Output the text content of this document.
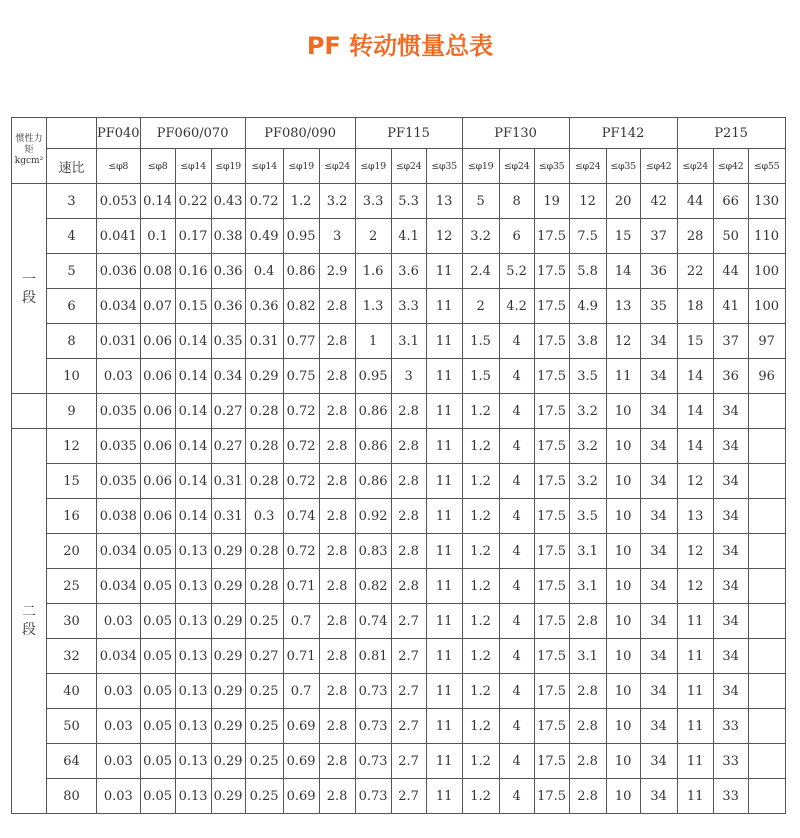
PF 转动惯量总表
惯性力
矩
kgcm²		PF040	PF060/070			PF080/090			PF115			PF130			PF142			P215		
	速比	≤φ8	≤φ8	≤φ14	≤φ19	≤φ14	≤φ19	≤φ24	≤φ19	≤φ24	≤φ35	≤φ19	≤φ24	≤φ35	≤φ24	≤φ35	≤φ42	≤φ24	≤φ42	≤φ55

一
段	3	0.053	0.14	0.22	0.43	0.72	1.2	3.2	3.3	5.3	13	5	8	19	12	20	42	44	66	130
	4	0.041	0.1	0.17	0.38	0.49	0.95	3	2	4.1	12	3.2	6	17.5	7.5	15	37	28	50	110
	5	0.036	0.08	0.16	0.36	0.4	0.86	2.9	1.6	3.6	11	2.4	5.2	17.5	5.8	14	36	22	44	100
	6	0.034	0.07	0.15	0.36	0.36	0.82	2.8	1.3	3.3	11	2	4.2	17.5	4.9	13	35	18	41	100
	8	0.031	0.06	0.14	0.35	0.31	0.77	2.8	1	3.1	11	1.5	4	17.5	3.8	12	34	15	37	97
	10	0.03	0.06	0.14	0.34	0.29	0.75	2.8	0.95	3	11	1.5	4	17.5	3.5	11	34	14	36	96
	9	0.035	0.06	0.14	0.27	0.28	0.72	2.8	0.86	2.8	11	1.2	4	17.5	3.2	10	34	14	34	

二
段	12	0.035	0.06	0.14	0.27	0.28	0.72	2.8	0.86	2.8	11	1.2	4	17.5	3.2	10	34	14	34	
	15	0.035	0.06	0.14	0.31	0.28	0.72	2.8	0.86	2.8	11	1.2	4	17.5	3.2	10	34	12	34	
	16	0.038	0.06	0.14	0.31	0.3	0.74	2.8	0.92	2.8	11	1.2	4	17.5	3.5	10	34	13	34	
	20	0.034	0.05	0.13	0.29	0.28	0.72	2.8	0.83	2.8	11	1.2	4	17.5	3.1	10	34	12	34	
	25	0.034	0.05	0.13	0.29	0.28	0.71	2.8	0.82	2.8	11	1.2	4	17.5	3.1	10	34	12	34	
	30	0.03	0.05	0.13	0.29	0.25	0.7	2.8	0.74	2.7	11	1.2	4	17.5	2.8	10	34	11	34	
	32	0.034	0.05	0.13	0.29	0.27	0.71	2.8	0.81	2.7	11	1.2	4	17.5	3.1	10	34	11	34	
	40	0.03	0.05	0.13	0.29	0.25	0.7	2.8	0.73	2.7	11	1.2	4	17.5	2.8	10	34	11	34	
	50	0.03	0.05	0.13	0.29	0.25	0.69	2.8	0.73	2.7	11	1.2	4	17.5	2.8	10	34	11	33	
	64	0.03	0.05	0.13	0.29	0.25	0.69	2.8	0.73	2.7	11	1.2	4	17.5	2.8	10	34	11	33	
	80	0.03	0.05	0.13	0.29	0.25	0.69	2.8	0.73	2.7	11	1.2	4	17.5	2.8	10	34	11	33	
